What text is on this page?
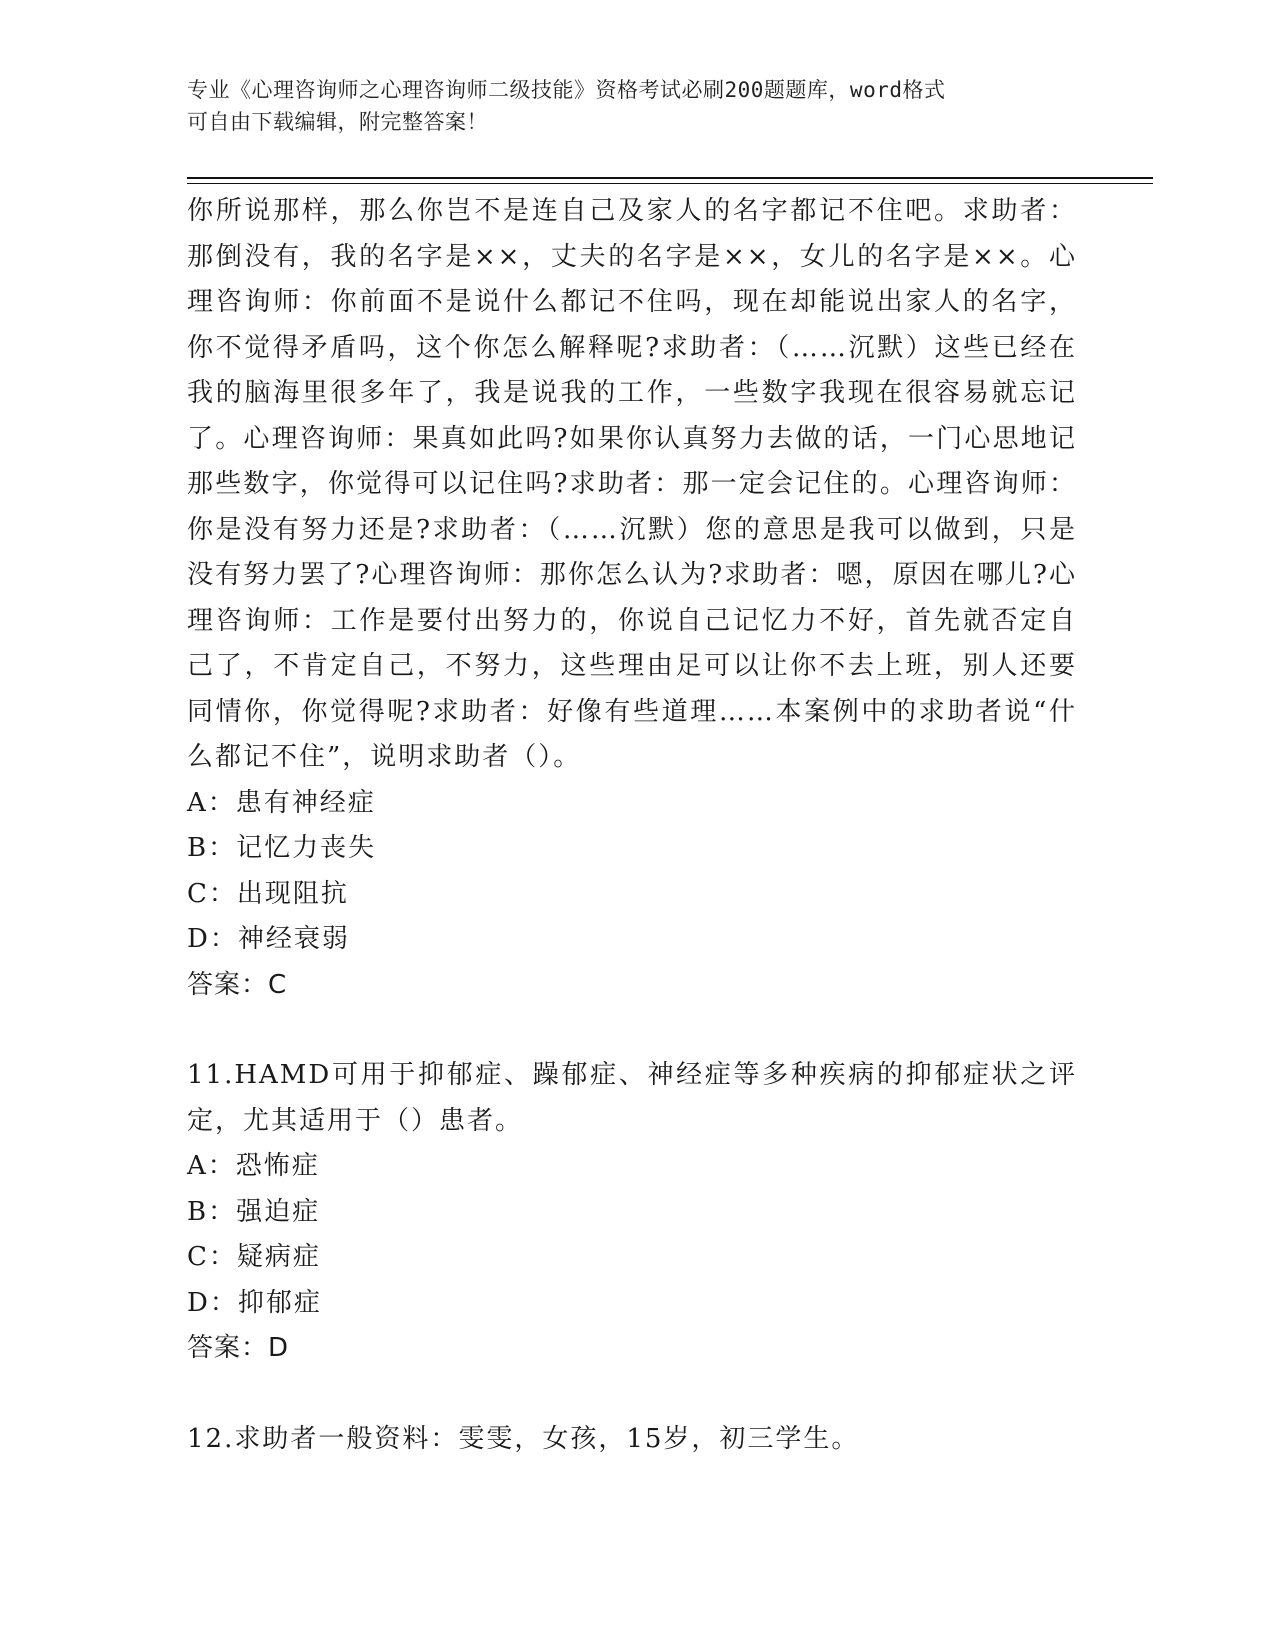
专业《心理咨询师之心理咨询师二级技能》资格考试必刷200题题库，word格式
可自由下载编辑，附完整答案！

你所说那样，那么你岂不是连自己及家人的名字都记不住吧。求助者：那倒没有，我的名字是××，丈夫的名字是××，女儿的名字是××。心理咨询师：你前面不是说什么都记不住吗，现在却能说出家人的名字，你不觉得矛盾吗，这个你怎么解释呢?求助者：（……沉默）这些已经在我的脑海里很多年了，我是说我的工作，一些数字我现在很容易就忘记了。心理咨询师：果真如此吗?如果你认真努力去做的话，一门心思地记那些数字，你觉得可以记住吗?求助者：那一定会记住的。心理咨询师：你是没有努力还是?求助者：（……沉默）您的意思是我可以做到，只是没有努力罢了?心理咨询师：那你怎么认为?求助者：嗯，原因在哪儿?心理咨询师：工作是要付出努力的，你说自己记忆力不好，首先就否定自己了，不肯定自己，不努力，这些理由足可以让你不去上班，别人还要同情你，你觉得呢?求助者：好像有些道理……本案例中的求助者说“什么都记不住”，说明求助者（）。

A：患有神经症

B：记忆力丧失

C：出现阻抗

D：神经衰弱

答案：C

11.HAMD可用于抑郁症、躁郁症、神经症等多种疾病的抑郁症状之评定，尤其适用于（）患者。

A：恐怖症

B：强迫症

C：疑病症

D：抑郁症

答案：D

12.求助者一般资料：雯雯，女孩，15岁，初三学生。
